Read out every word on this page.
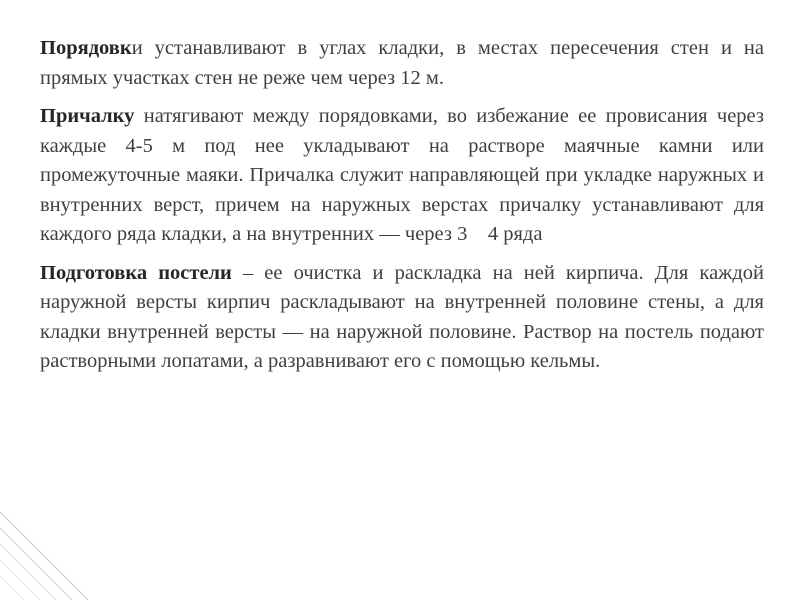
Порядовки устанавливают в углах кладки, в местах пересечения стен и на прямых участках стен не реже чем через 12 м.

Причалку натягивают между порядовками, во избежание ее провисания через каждые 4-5 м под нее укладывают на растворе маячные камни или промежуточные маяки. Причалка служит направляющей при укладке наружных и внутренних верст, причем на наружных верстах причалку устанавливают для каждого ряда кладки, а на внутренних — через 3    4 ряда

Подготовка постели – ее очистка и раскладка на ней кирпича. Для каждой наружной версты кирпич раскладывают на внутренней половине стены, а для кладки внутренней версты — на наружной половине. Раствор на постель подают растворными лопатами, а разравнивают его с помощью кельмы.
